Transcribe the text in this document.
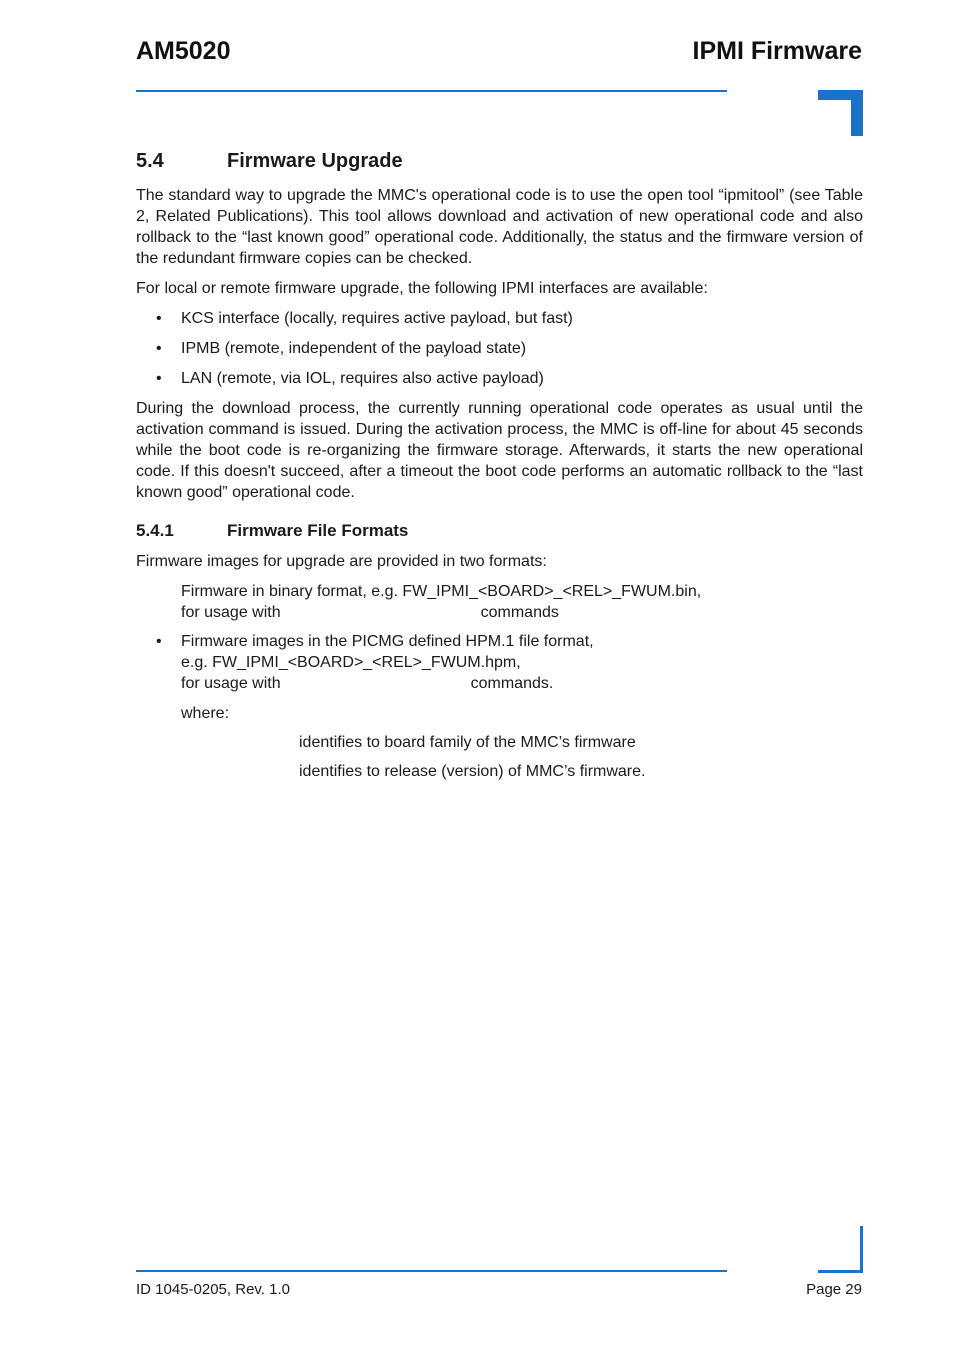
AM5020	IPMI Firmware
5.4	Firmware Upgrade

The standard way to upgrade the MMC's operational code is to use the open tool “ipmitool” (see Table 2, Related Publications). This tool allows download and activation of new operational code and also rollback to the “last known good” operational code. Additionally, the status and the firmware version of the redundant firmware copies can be checked.

For local or remote firmware upgrade, the following IPMI interfaces are available:

• KCS interface (locally, requires active payload, but fast)
• IPMB (remote, independent of the payload state)
• LAN (remote, via IOL, requires also active payload)

During the download process, the currently running operational code operates as usual until the activation command is issued. During the activation process, the MMC is off-line for about 45 seconds while the boot code is re-organizing the firmware storage. Afterwards, it starts the new operational code. If this doesn't succeed, after a timeout the boot code performs an automatic rollback to the “last known good” operational code.

5.4.1	Firmware File Formats

Firmware images for upgrade are provided in two formats:

Firmware in binary format, e.g. FW_IPMI_<BOARD>_<REL>_FWUM.bin,
for usage with	commands
• Firmware images in the PICMG defined HPM.1 file format,
e.g. FW_IPMI_<BOARD>_<REL>_FWUM.hpm,
for usage with	commands.
where:
identifies to board family of the MMC’s firmware
identifies to release (version) of MMC’s firmware.
ID 1045-0205, Rev. 1.0	Page 29
